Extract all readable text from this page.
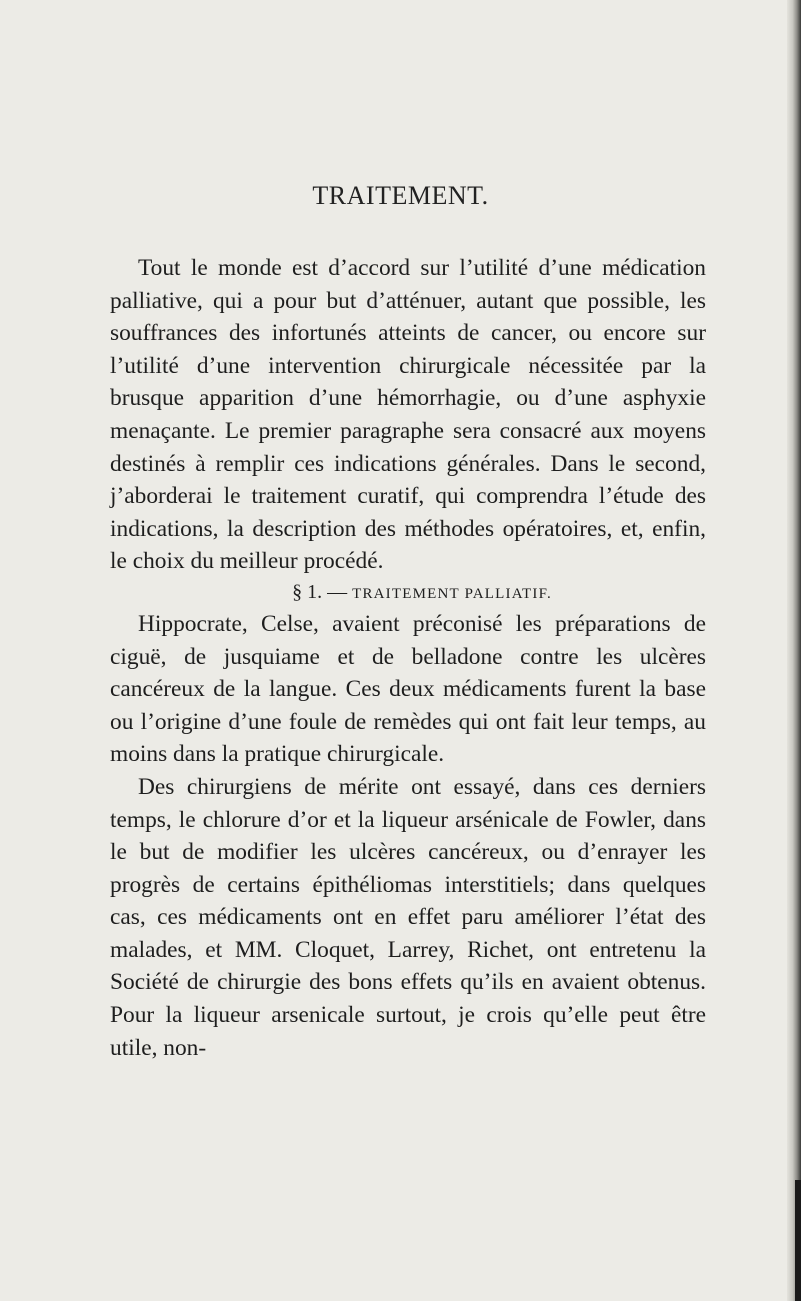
TRAITEMENT.

Tout le monde est d’accord sur l’utilité d’une médication palliative, qui a pour but d’atténuer, autant que possible, les souffrances des infortunés atteints de cancer, ou encore sur l’utilité d’une intervention chirurgicale nécessitée par la brusque apparition d’une hémorrhagie, ou d’une asphyxie menaçante. Le premier paragraphe sera consacré aux moyens destinés à remplir ces indications générales. Dans le second, j’aborderai le traitement curatif, qui comprendra l’étude des indications, la description des méthodes opératoires, et, enfin, le choix du meilleur procédé.

§ 1. — TRAITEMENT PALLIATIF.

Hippocrate, Celse, avaient préconisé les préparations de ciguë, de jusquiame et de belladone contre les ulcères cancéreux de la langue. Ces deux médicaments furent la base ou l’origine d’une foule de remèdes qui ont fait leur temps, au moins dans la pratique chirurgicale.

Des chirurgiens de mérite ont essayé, dans ces derniers temps, le chlorure d’or et la liqueur arsénicale de Fowler, dans le but de modifier les ulcères cancéreux, ou d’enrayer les progrès de certains épithéliomas interstitiels; dans quelques cas, ces médicaments ont en effet paru améliorer l’état des malades, et MM. Cloquet, Larrey, Richet, ont entretenu la Société de chirurgie des bons effets qu’ils en avaient obtenus. Pour la liqueur arsenicale surtout, je crois qu’elle peut être utile, non-
